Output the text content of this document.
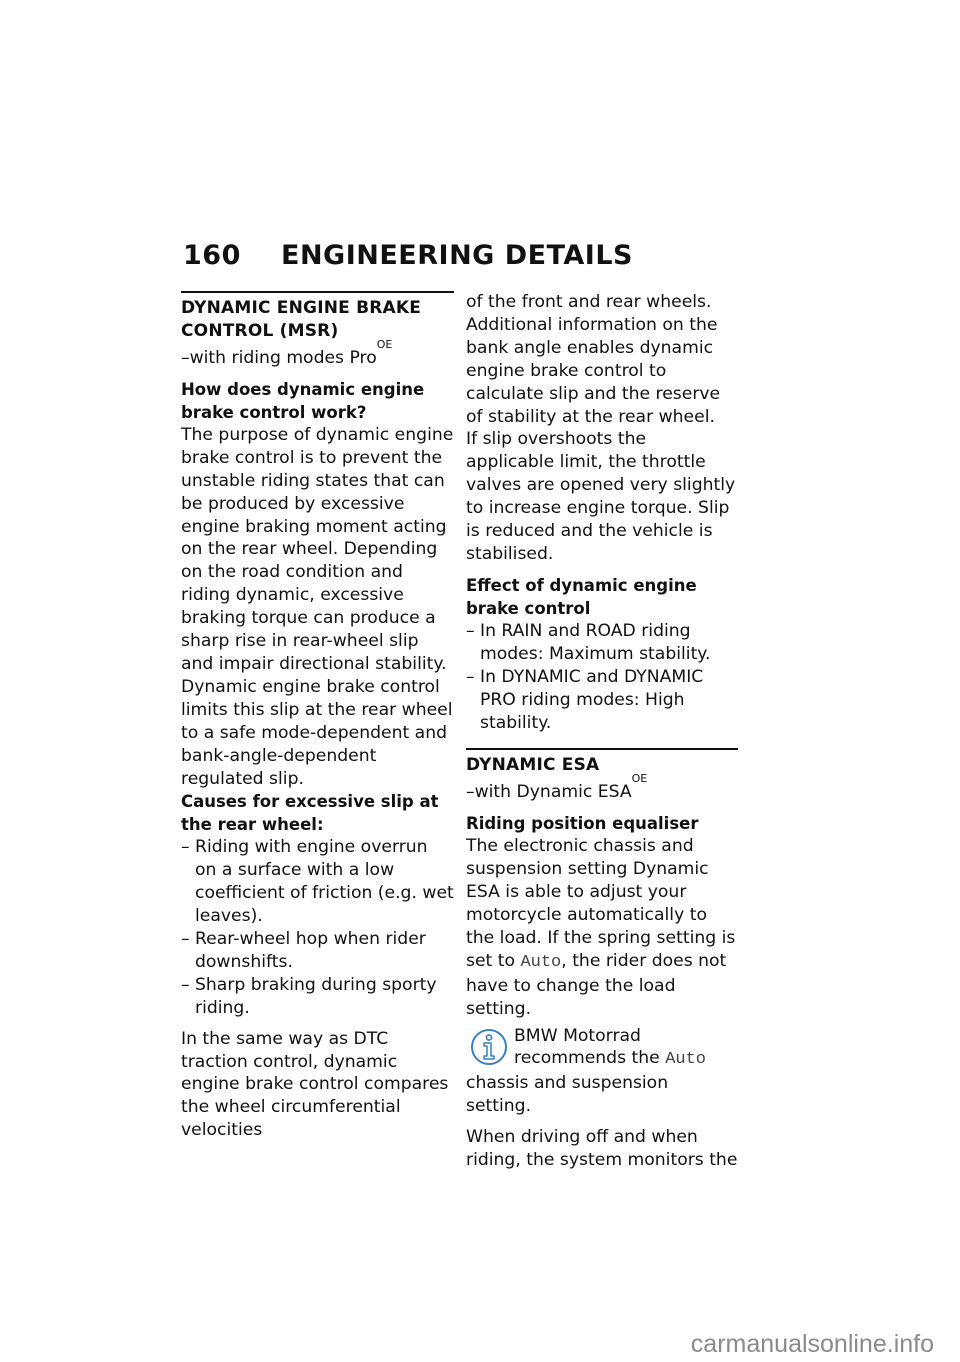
160	ENGINEERING DETAILS
DYNAMIC ENGINE BRAKE CONTROL (MSR)
–with riding modes Pro$^{OE}$
How does dynamic engine brake control work?
The purpose of dynamic engine brake control is to prevent the unstable riding states that can be produced by excessive engine braking moment acting on the rear wheel. Depending on the road condition and riding dynamic, excessive braking torque can produce a sharp rise in rear-wheel slip and impair directional stability. Dynamic engine brake control limits this slip at the rear wheel to a safe mode-dependent and bank-angle-dependent regulated slip.
Causes for excessive slip at the rear wheel:
– Riding with engine overrun on a surface with a low coefficient of friction (e.g. wet leaves).
– Rear-wheel hop when rider downshifts.
– Sharp braking during sporty riding.
In the same way as DTC traction control, dynamic engine brake control compares the wheel circumferential velocities
of the front and rear wheels. Additional information on the bank angle enables dynamic engine brake control to calculate slip and the reserve of stability at the rear wheel.
If slip overshoots the applicable limit, the throttle valves are opened very slightly to increase engine torque. Slip is reduced and the vehicle is stabilised.
Effect of dynamic engine brake control
– In RAIN and ROAD riding modes: Maximum stability.
– In DYNAMIC and DYNAMIC PRO riding modes: High stability.
DYNAMIC ESA
–with Dynamic $ESA^{OE}$
Riding position equaliser
The electronic chassis and suspension setting Dynamic ESA is able to adjust your motorcycle automatically to the load. If the spring setting is set to Auto, the rider does not have to change the load setting.
BMW Motorrad recommends the Auto chassis and suspension setting.
When driving off and when riding, the system monitors the
carmanualsonline.info
